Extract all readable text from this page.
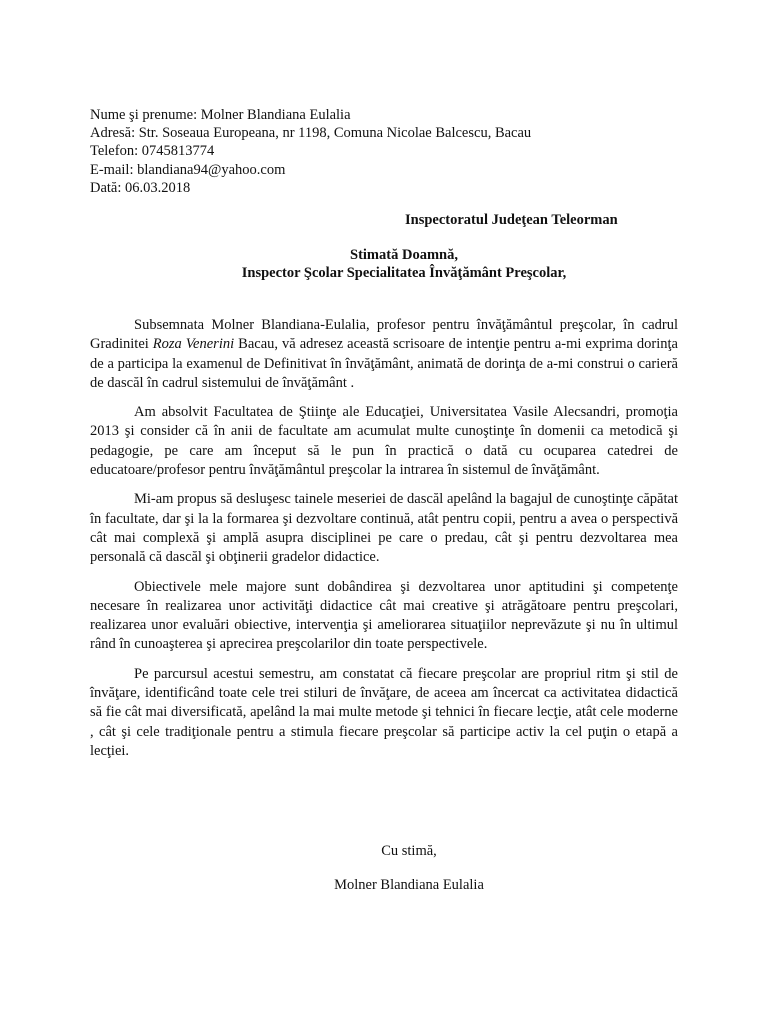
Nume şi prenume: Molner Blandiana Eulalia
Adresă: Str. Soseaua Europeana, nr 1198, Comuna Nicolae Balcescu, Bacau
Telefon: 0745813774
E-mail: blandiana94@yahoo.com
Dată: 06.03.2018
Inspectoratul Judeţean Teleorman
Stimată Doamnă,
Inspector Şcolar Specialitatea Învăţământ Preşcolar,

Subsemnata Molner Blandiana-Eulalia, profesor pentru învăţământul preşcolar, în cadrul Gradinitei Roza Venerini Bacau, vă adresez această scrisoare de intenţie pentru a-mi exprima dorinţa de a participa la examenul de Definitivat în învăţământ, animată de dorinţa de a-mi construi o carieră de dascăl în cadrul sistemului de învăţământ .

Am absolvit Facultatea de Ştiinţe ale Educaţiei, Universitatea Vasile Alecsandri, promoţia 2013 şi consider că în anii de facultate am acumulat multe cunoştinţe în domenii ca metodică şi pedagogie, pe care am început să le pun în practică o dată cu ocuparea catedrei de educatoare/profesor pentru învăţământul preşcolar la intrarea în sistemul de învăţământ.

Mi-am propus să desluşesc tainele meseriei de dascăl apelând la bagajul de cunoştinţe căpătat în facultate, dar şi la la formarea şi dezvoltare continuă, atât pentru copii, pentru a avea o perspectivă cât mai complexă şi amplă asupra disciplinei pe care o predau, cât şi pentru dezvoltarea mea personală că dascăl şi obţinerii gradelor didactice.

Obiectivele mele majore sunt dobândirea şi dezvoltarea unor aptitudini şi competenţe necesare în realizarea unor activităţi didactice cât mai creative şi atrăgătoare pentru preşcolari, realizarea unor evaluări obiective, intervenţia şi ameliorarea situaţiilor neprevăzute şi nu în ultimul rând în cunoaşterea şi aprecirea preşcolarilor din toate perspectivele.

Pe parcursul acestui semestru, am constatat că fiecare preşcolar are propriul ritm şi stil de învăţare, identificând toate cele trei stiluri de învăţare, de aceea am încercat ca activitatea didactică să fie cât mai diversificată, apelând la mai multe metode şi tehnici în fiecare lecţie, atât cele moderne , cât şi cele tradiţionale pentru a stimula fiecare preşcolar să participe activ la cel puţin o etapă a lecţiei.

Cu stimă,
Molner Blandiana Eulalia
